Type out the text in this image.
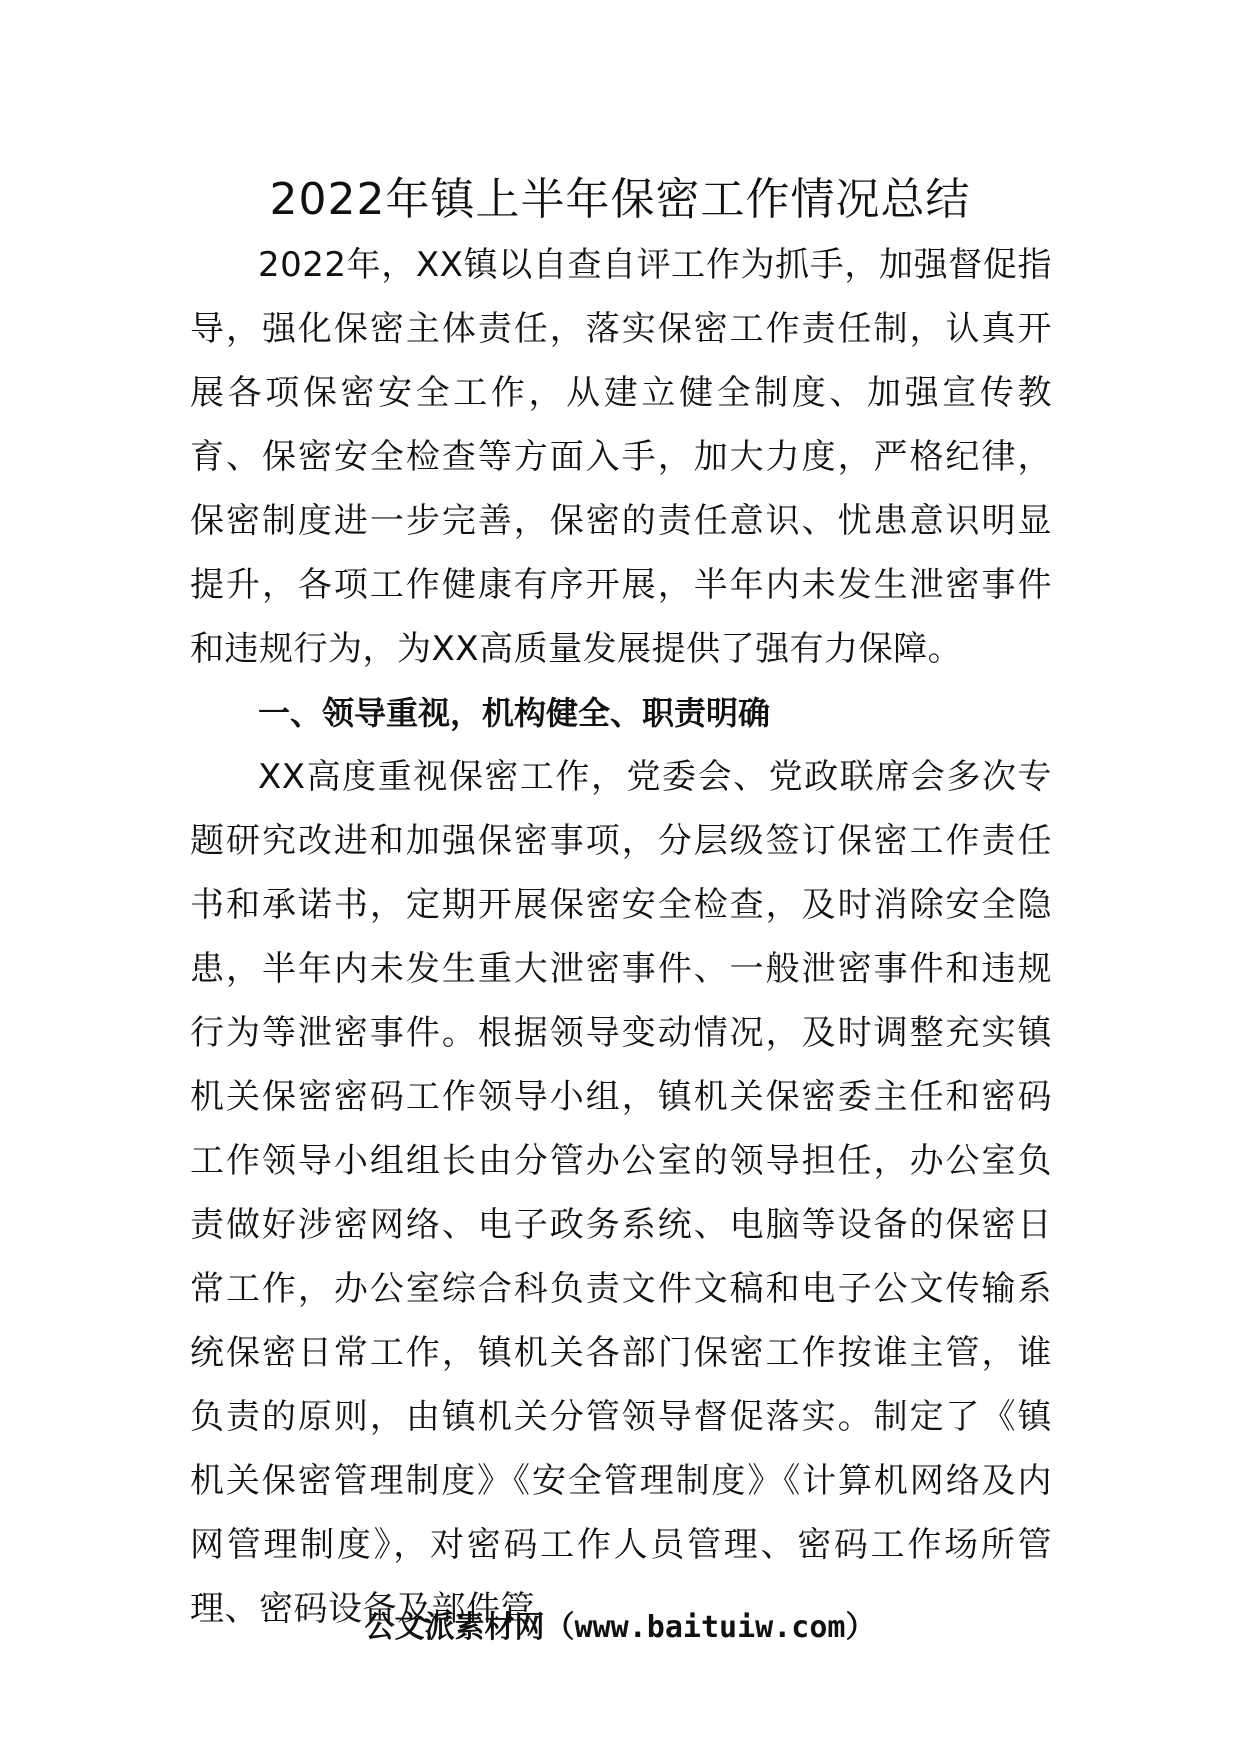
2022年镇上半年保密工作情况总结

2022年，XX镇以自查自评工作为抓手，加强督促指导，强化保密主体责任，落实保密工作责任制，认真开展各项保密安全工作，从建立健全制度、加强宣传教育、保密安全检查等方面入手，加大力度，严格纪律，保密制度进一步完善，保密的责任意识、忧患意识明显提升，各项工作健康有序开展，半年内未发生泄密事件和违规行为，为XX高质量发展提供了强有力保障。

一、领导重视，机构健全、职责明确

XX高度重视保密工作，党委会、党政联席会多次专题研究改进和加强保密事项，分层级签订保密工作责任书和承诺书，定期开展保密安全检查，及时消除安全隐患，半年内未发生重大泄密事件、一般泄密事件和违规行为等泄密事件。根据领导变动情况，及时调整充实镇机关保密密码工作领导小组，镇机关保密委主任和密码工作领导小组组长由分管办公室的领导担任，办公室负责做好涉密网络、电子政务系统、电脑等设备的保密日常工作，办公室综合科负责文件文稿和电子公文传输系统保密日常工作，镇机关各部门保密工作按谁主管，谁负责的原则，由镇机关分管领导督促落实。制定了《镇机关保密管理制度》《安全管理制度》《计算机网络及内网管理制度》，对密码工作人员管理、密码工作场所管理、密码设备及部件管

公文派素材网（www.baituiw.com）
